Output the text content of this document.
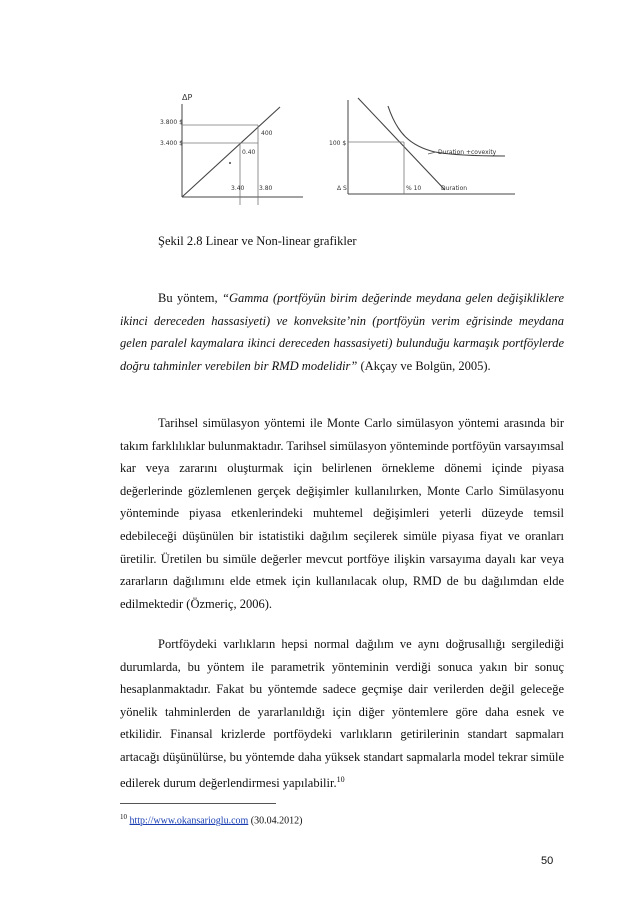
ΔP
3.800 $
3.400 $
400
0.40
3.40 3.80
100 $
Δ S	% 10
Duration +covexity
Duration
Şekil 2.8 Linear ve Non-linear grafikler

Bu yöntem, “Gamma (portföyün birim değerinde meydana gelen değişikliklere ikinci dereceden hassasiyeti) ve konveksite’nin (portföyün verim eğrisinde meydana gelen paralel kaymalara ikinci dereceden hassasiyeti) bulunduğu karmaşık portföylerde doğru tahminler verebilen bir RMD modelidir” (Akçay ve Bolgün, 2005).

Tarihsel simülasyon yöntemi ile Monte Carlo simülasyon yöntemi arasında bir takım farklılıklar bulunmaktadır. Tarihsel simülasyon yönteminde portföyün varsayımsal kar veya zararını oluşturmak için belirlenen örnekleme dönemi içinde piyasa değerlerinde gözlemlenen gerçek değişimler kullanılırken, Monte Carlo Simülasyonu yönteminde piyasa etkenlerindeki muhtemel değişimleri yeterli düzeyde temsil edebileceği düşünülen bir istatistiki dağılım seçilerek simüle piyasa fiyat ve oranları üretilir. Üretilen bu simüle değerler mevcut portföye ilişkin varsayıma dayalı kar veya zararların dağılımını elde etmek için kullanılacak olup, RMD de bu dağılımdan elde edilmektedir (Özmeriç, 2006).

Portföydeki varlıkların hepsi normal dağılım ve aynı doğrusallığı sergilediği durumlarda, bu yöntem ile parametrik yönteminin verdiği sonuca yakın bir sonuç hesaplanmaktadır. Fakat bu yöntemde sadece geçmişe dair verilerden değil geleceğe yönelik tahminlerden de yararlanıldığı için diğer yöntemlere göre daha esnek ve etkilidir. Finansal krizlerde portföydeki varlıkların getirilerinin standart sapmaları artacağı düşünülürse, bu yöntemde daha yüksek standart sapmalarla model tekrar simüle edilerek durum değerlendirmesi yapılabilir.$^{10}$

$^{10}$ http://www.okansarioglu.com (30.04.2012)
50
